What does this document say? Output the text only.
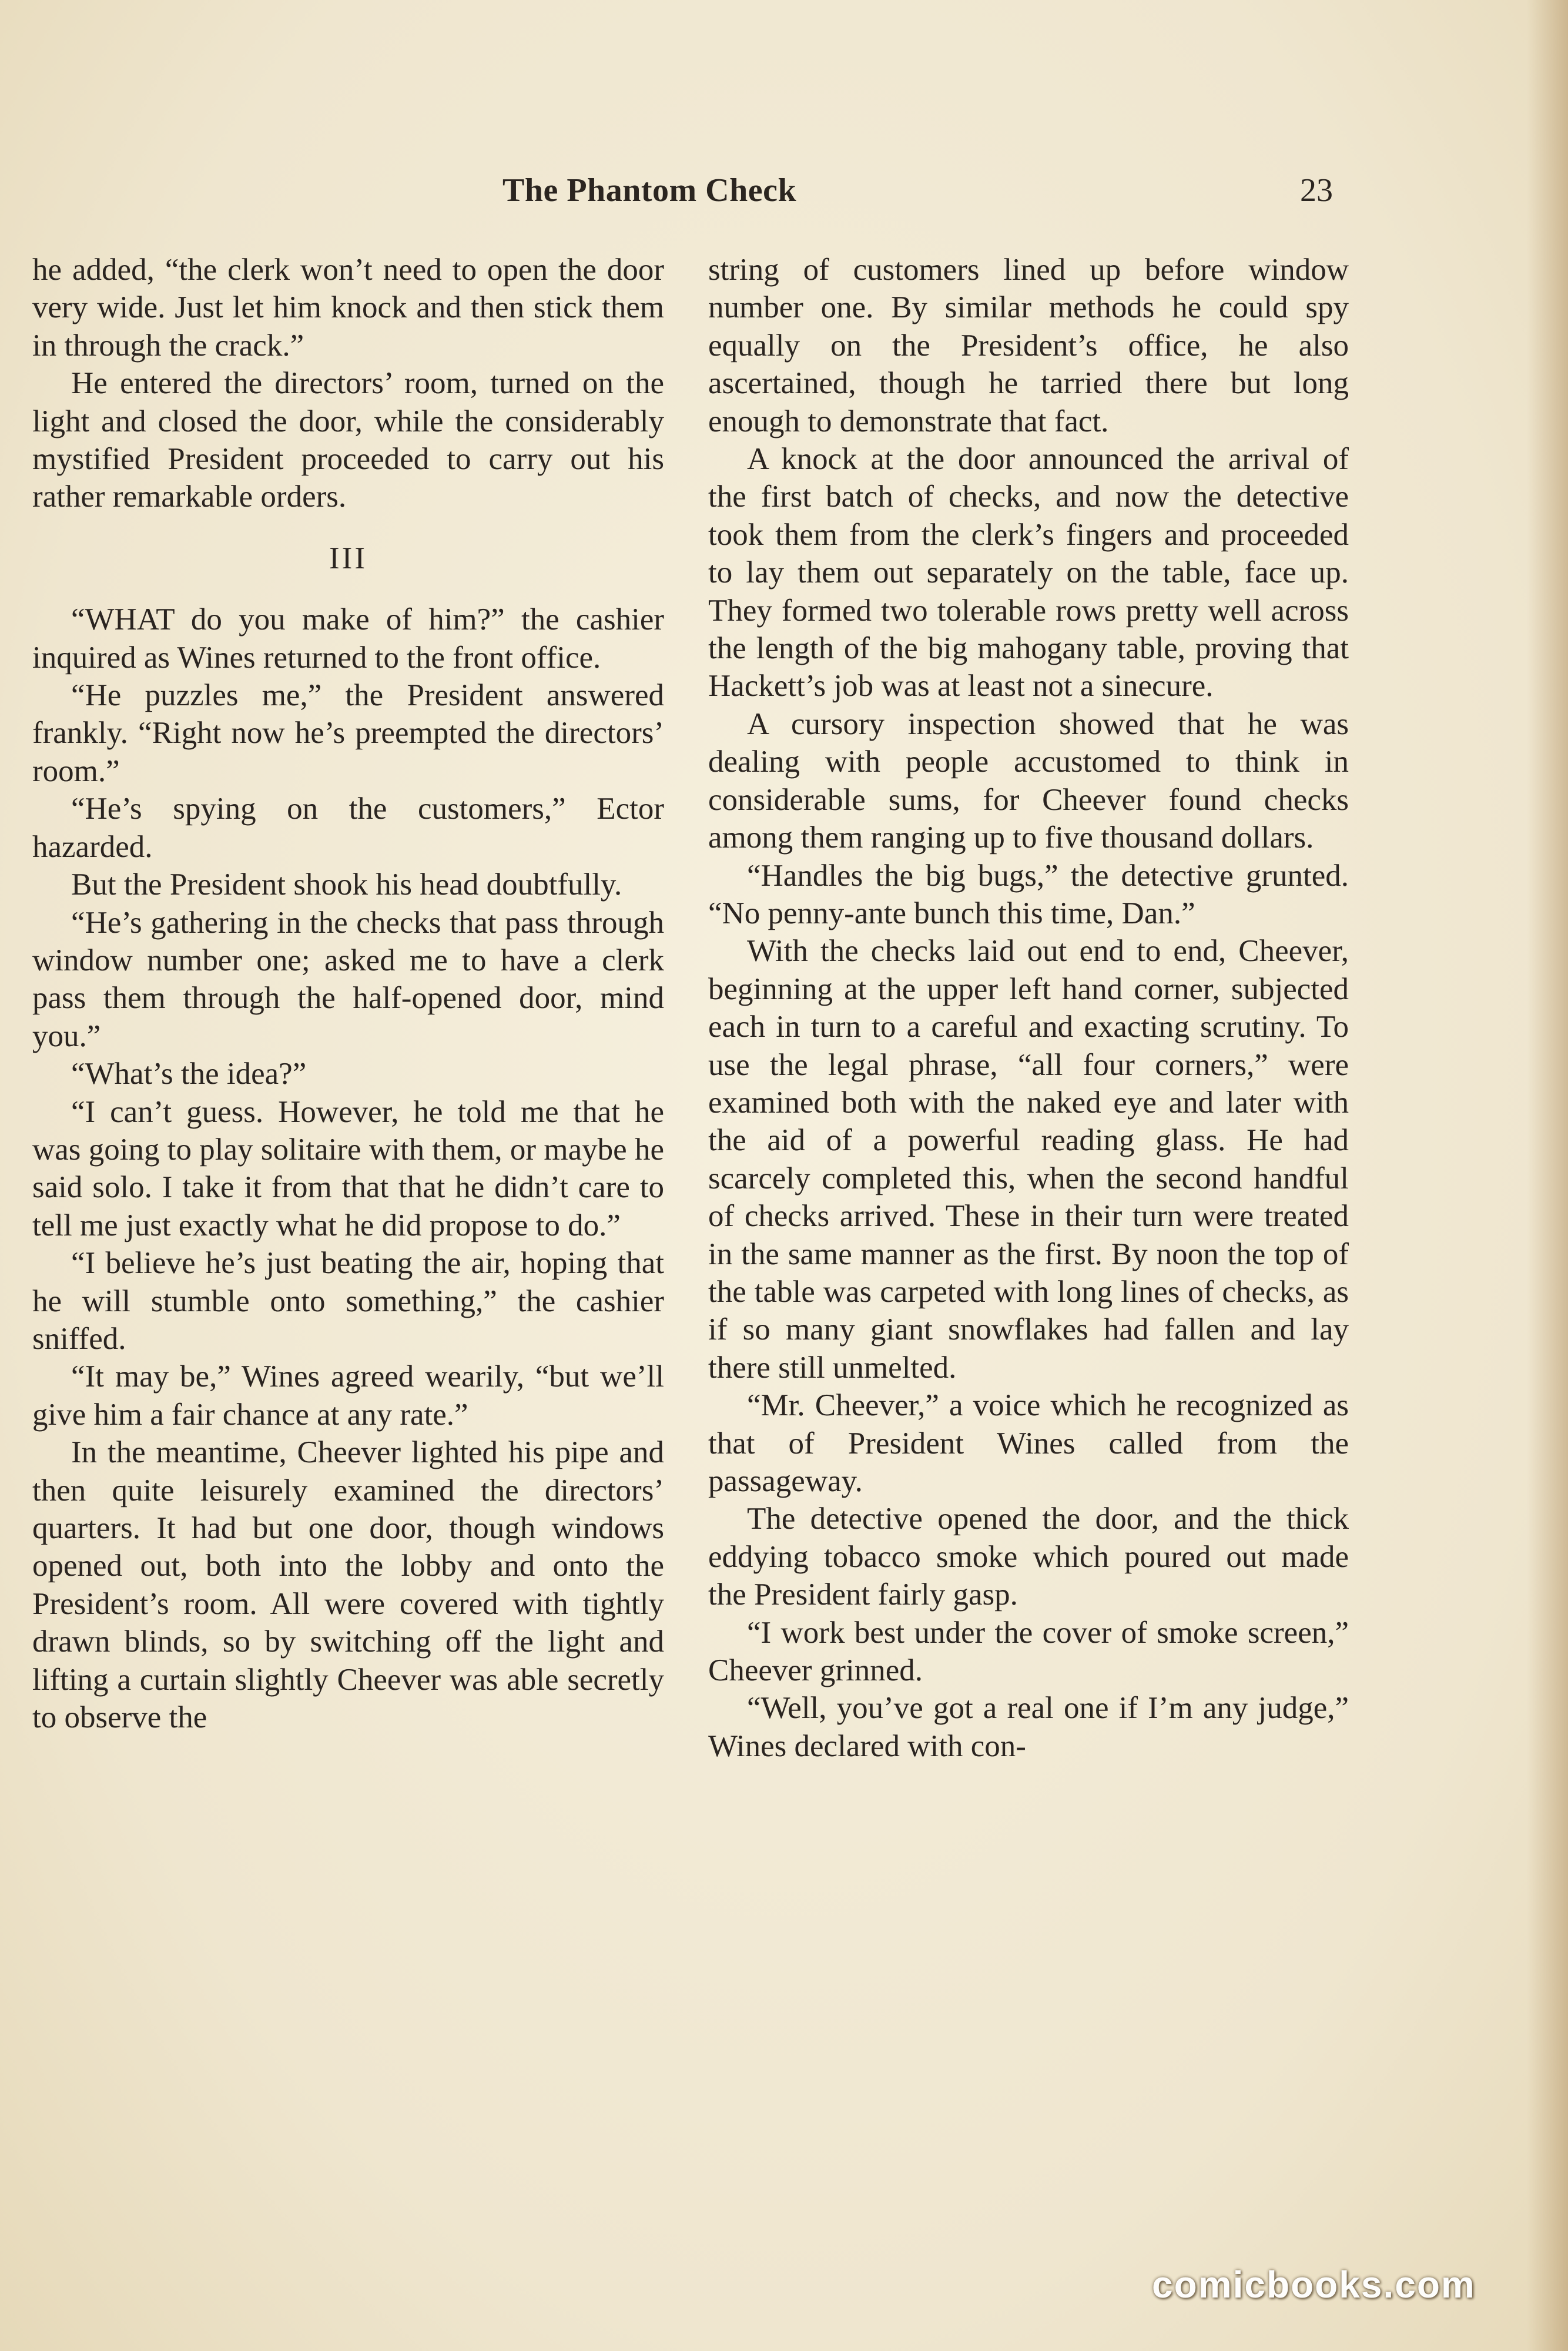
The Phantom Check	23

he added, “the clerk won’t need to open the door very wide. Just let him knock and then stick them in through the crack.”

He entered the directors’ room, turned on the light and closed the door, while the considerably mystified President proceeded to carry out his rather remarkable orders.

III

“WHAT do you make of him?” the cashier inquired as Wines returned to the front office.

“He puzzles me,” the President answered frankly. “Right now he’s preempted the directors’ room.”

“He’s spying on the customers,” Ector hazarded.

But the President shook his head doubtfully.

“He’s gathering in the checks that pass through window number one; asked me to have a clerk pass them through the half-opened door, mind you.”

“What’s the idea?”

“I can’t guess. However, he told me that he was going to play solitaire with them, or maybe he said solo. I take it from that that he didn’t care to tell me just exactly what he did propose to do.”

“I believe he’s just beating the air, hoping that he will stumble onto something,” the cashier sniffed.

“It may be,” Wines agreed wearily, “but we’ll give him a fair chance at any rate.”

In the meantime, Cheever lighted his pipe and then quite leisurely examined the directors’ quarters. It had but one door, though windows opened out, both into the lobby and onto the President’s room. All were covered with tightly drawn blinds, so by switching off the light and lifting a curtain slightly Cheever was able secretly to observe the

string of customers lined up before window number one. By similar methods he could spy equally on the President’s office, he also ascertained, though he tarried there but long enough to demonstrate that fact.

A knock at the door announced the arrival of the first batch of checks, and now the detective took them from the clerk’s fingers and proceeded to lay them out separately on the table, face up. They formed two tolerable rows pretty well across the length of the big mahogany table, proving that Hackett’s job was at least not a sinecure.

A cursory inspection showed that he was dealing with people accustomed to think in considerable sums, for Cheever found checks among them ranging up to five thousand dollars.

“Handles the big bugs,” the detective grunted. “No penny-ante bunch this time, Dan.”

With the checks laid out end to end, Cheever, beginning at the upper left hand corner, subjected each in turn to a careful and exacting scrutiny. To use the legal phrase, “all four corners,” were examined both with the naked eye and later with the aid of a powerful reading glass. He had scarcely completed this, when the second handful of checks arrived. These in their turn were treated in the same manner as the first. By noon the top of the table was carpeted with long lines of checks, as if so many giant snowflakes had fallen and lay there still unmelted.

“Mr. Cheever,” a voice which he recognized as that of President Wines called from the passageway.

The detective opened the door, and the thick eddying tobacco smoke which poured out made the President fairly gasp.

“I work best under the cover of smoke screen,” Cheever grinned.

“Well, you’ve got a real one if I’m any judge,” Wines declared with con-

comicbooks.com
